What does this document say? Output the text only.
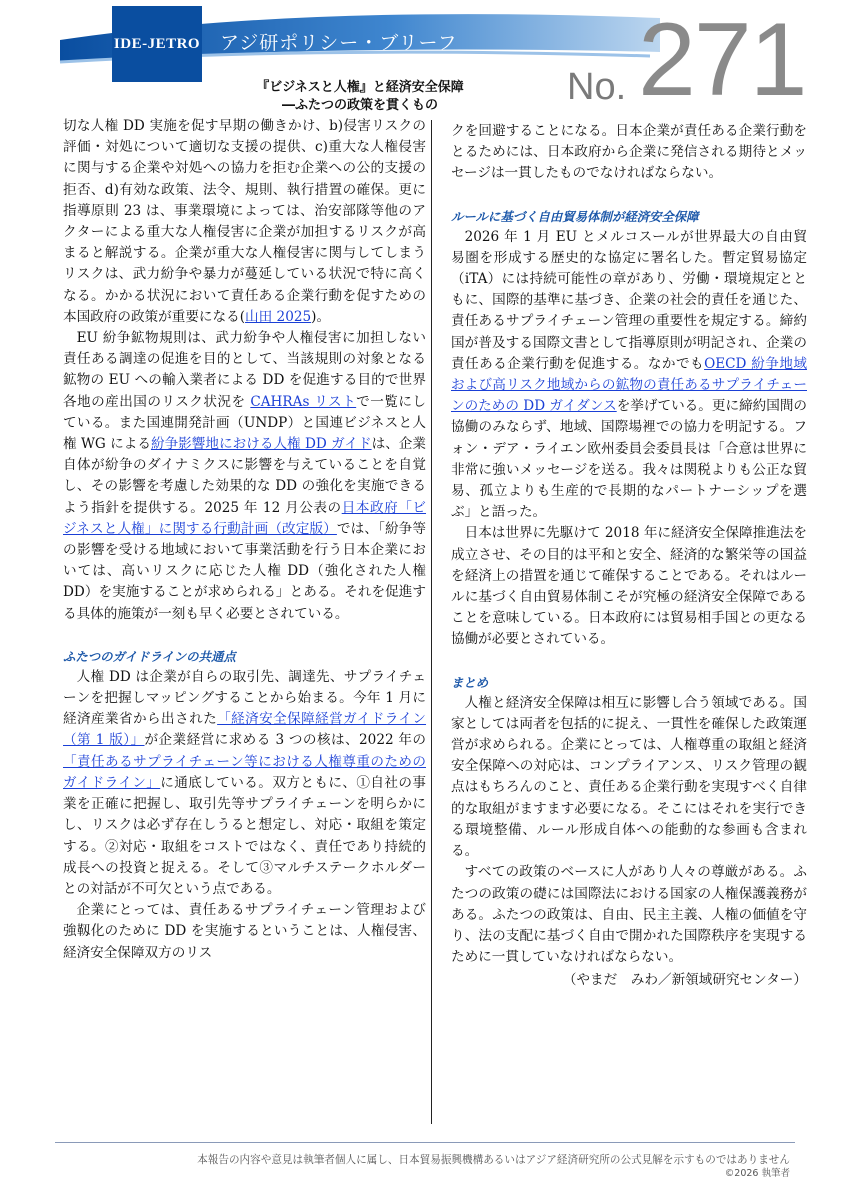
IDE-JETRO アジ研ポリシー・ブリーフ
No. 271
『ビジネスと人権』と経済安全保障
―ふたつの政策を貫くもの

切な人権 DD 実施を促す早期の働きかけ、b)侵害リスクの評価・対処について適切な支援の提供、c)重大な人権侵害に関与する企業や対処への協力を拒む企業への公的支援の拒否、d)有効な政策、法令、規則、執行措置の確保。更に指導原則 23 は、事業環境によっては、治安部隊等他のアクターによる重大な人権侵害に企業が加担するリスクが高まると解説する。企業が重大な人権侵害に関与してしまうリスクは、武力紛争や暴力が蔓延している状況で特に高くなる。かかる状況において責任ある企業行動を促すための本国政府の政策が重要になる(山田 2025)。

EU 紛争鉱物規則は、武力紛争や人権侵害に加担しない責任ある調達の促進を目的として、当該規則の対象となる鉱物の EU への輸入業者による DD を促進する目的で世界各地の産出国のリスク状況を CAHRAs リストで一覧にしている。また国連開発計画（UNDP）と国連ビジネスと人権 WG による紛争影響地における人権 DD ガイドは、企業自体が紛争のダイナミクスに影響を与えていることを自覚し、その影響を考慮した効果的な DD の強化を実施できるよう指針を提供する。2025 年 12 月公表の日本政府「ビジネスと人権」に関する行動計画（改定版）では、「紛争等の影響を受ける地域において事業活動を行う日本企業においては、高いリスクに応じた人権 DD（強化された人権 DD）を実施することが求められる」とある。それを促進する具体的施策が一刻も早く必要とされている。

ふたつのガイドラインの共通点

人権 DD は企業が自らの取引先、調達先、サプライチェーンを把握しマッピングすることから始まる。今年 1 月に経済産業省から出された「経済安全保障経営ガイドライン（第 1 版）」が企業経営に求める 3 つの核は、2022 年の「責任あるサプライチェーン等における人権尊重のためのガイドライン」に通底している。双方ともに、①自社の事業を正確に把握し、取引先等サプライチェーンを明らかにし、リスクは必ず存在しうると想定し、対応・取組を策定する。②対応・取組をコストではなく、責任であり持続的成長への投資と捉える。そして③マルチステークホルダーとの対話が不可欠という点である。

企業にとっては、責任あるサプライチェーン管理および強靱化のために DD を実施するということは、人権侵害、経済安全保障双方のリス

クを回避することになる。日本企業が責任ある企業行動をとるためには、日本政府から企業に発信される期待とメッセージは一貫したものでなければならない。

ルールに基づく自由貿易体制が経済安全保障

2026 年 1 月 EU とメルコスールが世界最大の自由貿易圏を形成する歴史的な協定に署名した。暫定貿易協定（iTA）には持続可能性の章があり、労働・環境規定とともに、国際的基準に基づき、企業の社会的責任を通じた、責任あるサプライチェーン管理の重要性を規定する。締約国が普及する国際文書として指導原則が明記され、企業の責任ある企業行動を促進する。なかでもOECD 紛争地域および高リスク地域からの鉱物の責任あるサプライチェーンのための DD ガイダンスを挙げている。更に締約国間の協働のみならず、地域、国際場裡での協力を明記する。フォン・デア・ライエン欧州委員会委員長は「合意は世界に非常に強いメッセージを送る。我々は関税よりも公正な貿易、孤立よりも生産的で長期的なパートナーシップを選ぶ」と語った。

日本は世界に先駆けて 2018 年に経済安全保障推進法を成立させ、その目的は平和と安全、経済的な繁栄等の国益を経済上の措置を通じて確保することである。それはルールに基づく自由貿易体制こそが究極の経済安全保障であることを意味している。日本政府には貿易相手国との更なる協働が必要とされている。

まとめ

人権と経済安全保障は相互に影響し合う領域である。国家としては両者を包括的に捉え、一貫性を確保した政策運営が求められる。企業にとっては、人権尊重の取組と経済安全保障への対応は、コンプライアンス、リスク管理の観点はもちろんのこと、責任ある企業行動を実現すべく自律的な取組がますます必要になる。そこにはそれを実行できる環境整備、ルール形成自体への能動的な参画も含まれる。

すべての政策のベースに人があり人々の尊厳がある。ふたつの政策の礎には国際法における国家の人権保護義務がある。ふたつの政策は、自由、民主主義、人権の価値を守り、法の支配に基づく自由で開かれた国際秩序を実現するために一貫していなければならない。

（やまだ　みわ／新領域研究センター）

本報告の内容や意見は執筆者個人に属し、日本貿易振興機構あるいはアジア経済研究所の公式見解を示すものではありません
©2026 執筆者
